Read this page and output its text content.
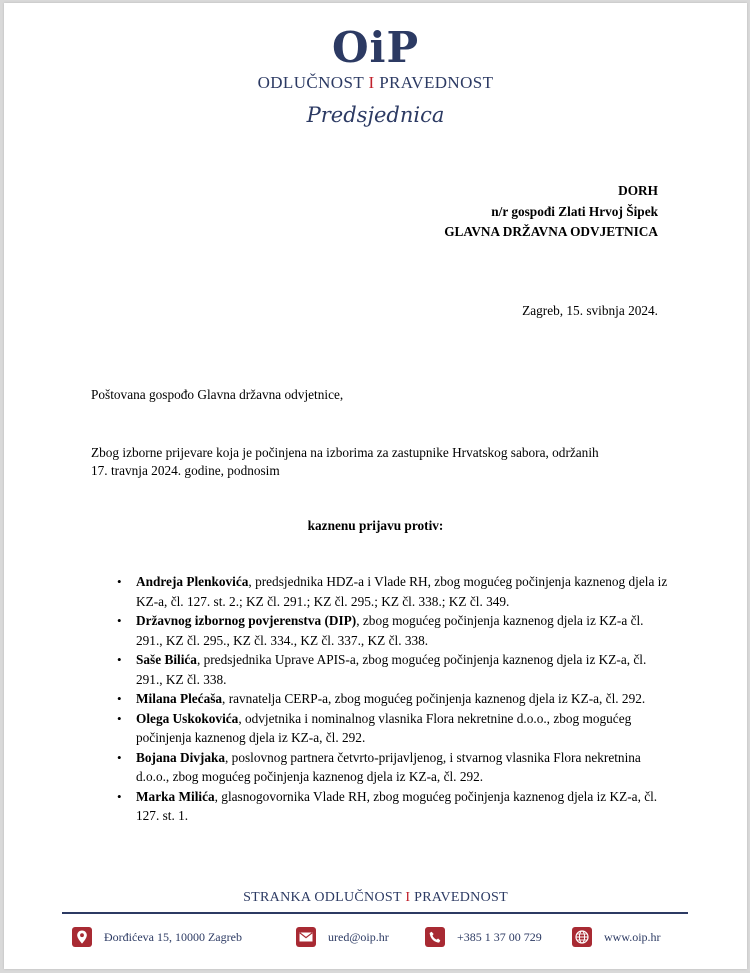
OiP
ODLUČNOST I PRAVEDNOST
Predsjednica
DORH
n/r gospođi Zlati Hrvoj Šipek
GLAVNA DRŽAVNA ODVJETNICA
Zagreb, 15. svibnja 2024.
Poštovana gospođo Glavna državna odvjetnice,
Zbog izborne prijevare koja je počinjena na izborima za zastupnike Hrvatskog sabora, održanih
17. travnja 2024. godine, podnosim
kaznenu prijavu protiv:
• Andreja Plenkovića, predsjednika HDZ-a i Vlade RH, zbog mogućeg počinjenja kaznenog djela iz KZ-a, čl. 127. st. 2.; KZ čl. 291.; KZ čl. 295.; KZ čl. 338.; KZ čl. 349.
• Državnog izbornog povjerenstva (DIP), zbog mogućeg počinjenja kaznenog djela iz KZ-a čl. 291., KZ čl. 295., KZ čl. 334., KZ čl. 337., KZ čl. 338.
• Saše Bilića, predsjednika Uprave APIS-a, zbog mogućeg počinjenja kaznenog djela iz KZ-a, čl. 291., KZ čl. 338.
• Milana Plećaša, ravnatelja CERP-a, zbog mogućeg počinjenja kaznenog djela iz KZ-a, čl. 292.
• Olega Uskokovića, odvjetnika i nominalnog vlasnika Flora nekretnine d.o.o., zbog mogućeg počinjenja kaznenog djela iz KZ-a, čl. 292.
• Bojana Divjaka, poslovnog partnera četvrto-prijavljenog, i stvarnog vlasnika Flora nekretnina d.o.o., zbog mogućeg počinjenja kaznenog djela iz KZ-a, čl. 292.
• Marka Milića, glasnogovornika Vlade RH, zbog mogućeg počinjenja kaznenog djela iz KZ-a, čl. 127. st. 1.
STRANKA ODLUČNOST I PRAVEDNOST
Đorđićeva 15, 10000 Zagreb	ured@oip.hr	+385 1 37 00 729	www.oip.hr
